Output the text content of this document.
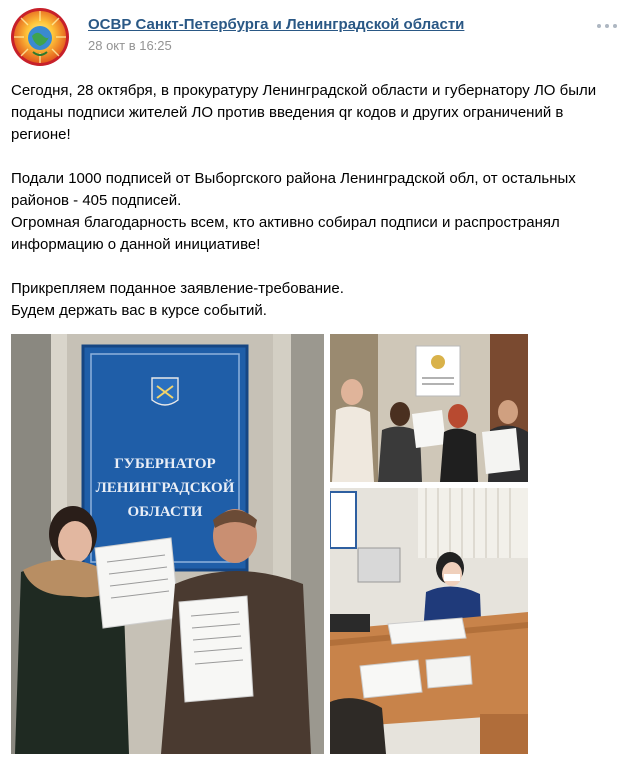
ОСВР Санкт-Петербурга и Ленинградской области
28 окт в 16:25

Сегодня, 28 октября, в прокуратуру Ленинградской области и губернатору ЛО были поданы подписи жителей ЛО против введения qr кодов и других ограничений в регионе!

Подали 1000 подписей от Выборгского района Ленинградской обл, от остальных районов - 405 подписей.

Огромная благодарность всем, кто активно собирал подписи и распространял информацию о данной инициативе!

Прикрепляем поданное заявление-требование.

Будем держать вас в курсе событий.

ГУБЕРНАТОР
ЛЕНИНГРАДСКОЙ
ОБЛАСТИ
